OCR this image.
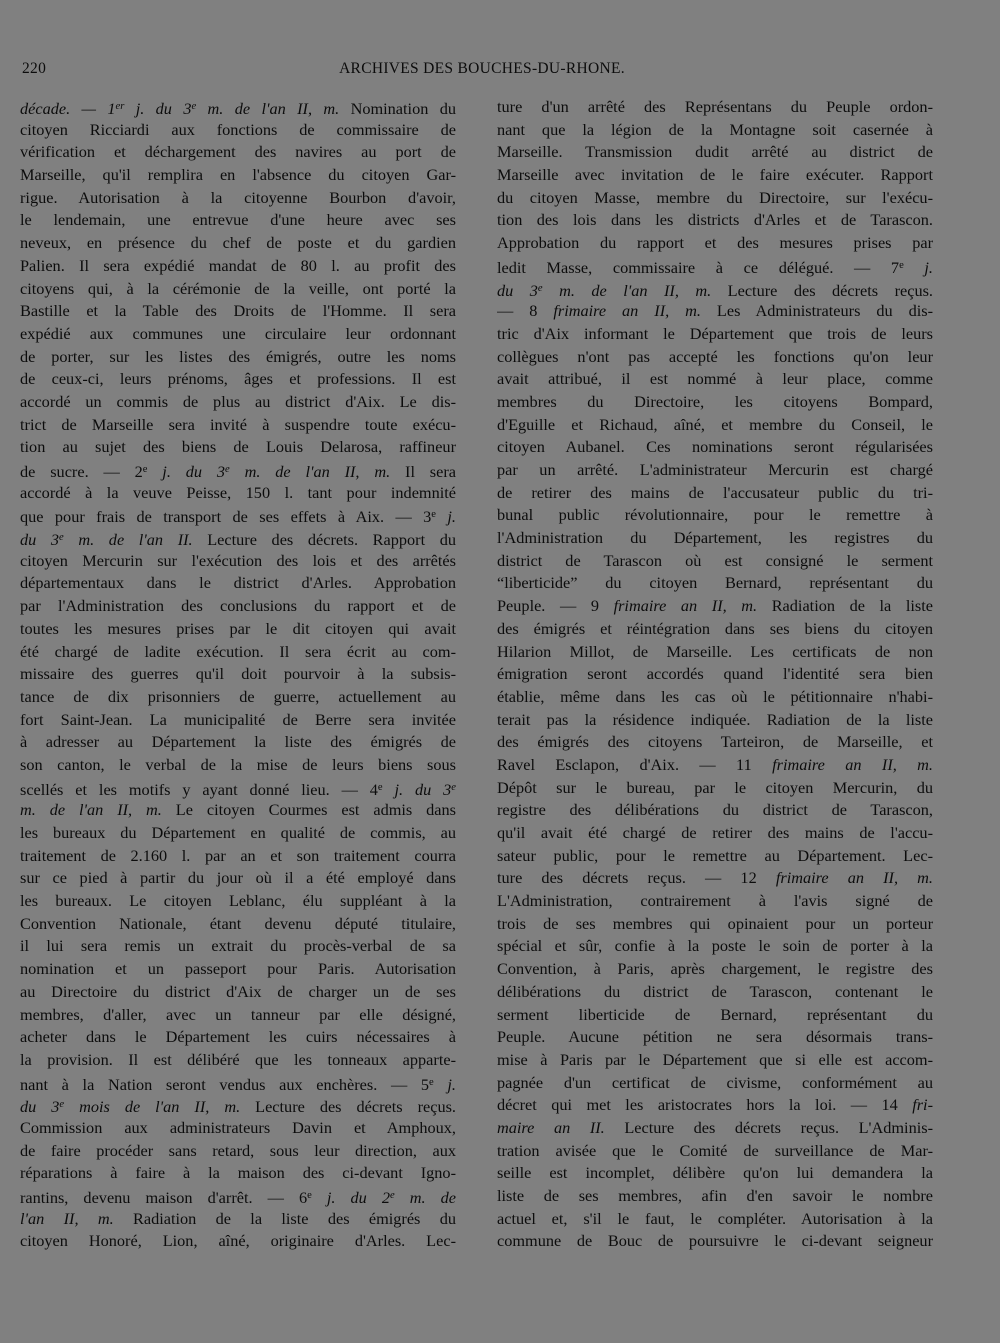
220	ARCHIVES DES BOUCHES-DU-RHONE.
décade. — 1er j. du 3e m. de l'an II, m. Nomination du
citoyen Ricciardi aux fonctions de commissaire de
vérification et déchargement des navires au port de
Marseille, qu'il remplira en l'absence du citoyen Gar-
rigue. Autorisation à la citoyenne Bourbon d'avoir,
le lendemain, une entrevue d'une heure avec ses
neveux, en présence du chef de poste et du gardien
Palien. Il sera expédié mandat de 80 l. au profit des
citoyens qui, à la cérémonie de la veille, ont porté la
Bastille et la Table des Droits de l'Homme. Il sera
expédié aux communes une circulaire leur ordonnant
de porter, sur les listes des émigrés, outre les noms
de ceux-ci, leurs prénoms, âges et professions. Il est
accordé un commis de plus au district d'Aix. Le dis-
trict de Marseille sera invité à suspendre toute exécu-
tion au sujet des biens de Louis Delarosa, raffineur
de sucre. — 2e j. du 3e m. de l'an II, m. Il sera
accordé à la veuve Peisse, 150 l. tant pour indemnité
que pour frais de transport de ses effets à Aix. — 3e j.
du 3e m. de l'an II. Lecture des décrets. Rapport du
citoyen Mercurin sur l'exécution des lois et des arrêtés
départementaux dans le district d'Arles. Approbation
par l'Administration des conclusions du rapport et de
toutes les mesures prises par le dit citoyen qui avait
été chargé de ladite exécution. Il sera écrit au com-
missaire des guerres qu'il doit pourvoir à la subsis-
tance de dix prisonniers de guerre, actuellement au
fort Saint-Jean. La municipalité de Berre sera invitée
à adresser au Département la liste des émigrés de
son canton, le verbal de la mise de leurs biens sous
scellés et les motifs y ayant donné lieu. — 4e j. du 3e
m. de l'an II, m. Le citoyen Courmes est admis dans
les bureaux du Département en qualité de commis, au
traitement de 2.160 l. par an et son traitement courra
sur ce pied à partir du jour où il a été employé dans
les bureaux. Le citoyen Leblanc, élu suppléant à la
Convention Nationale, étant devenu député titulaire,
il lui sera remis un extrait du procès-verbal de sa
nomination et un passeport pour Paris. Autorisation
au Directoire du district d'Aix de charger un de ses
membres, d'aller, avec un tanneur par elle désigné,
acheter dans le Département les cuirs nécessaires à
la provision. Il est délibéré que les tonneaux apparte-
nant à la Nation seront vendus aux enchères. — 5e j.
du 3e mois de l'an II, m. Lecture des décrets reçus.
Commission aux administrateurs Davin et Amphoux,
de faire procéder sans retard, sous leur direction, aux
réparations à faire à la maison des ci-devant Igno-
rantins, devenu maison d'arrêt. — 6e j. du 2e m. de
l'an II, m. Radiation de la liste des émigrés du
citoyen Honoré, Lion, aîné, originaire d'Arles. Lec-
ture d'un arrêté des Représentans du Peuple ordon-
nant que la légion de la Montagne soit casernée à
Marseille. Transmission dudit arrêté au district de
Marseille avec invitation de le faire exécuter. Rapport
du citoyen Masse, membre du Directoire, sur l'exécu-
tion des lois dans les districts d'Arles et de Tarascon.
Approbation du rapport et des mesures prises par
ledit Masse, commissaire à ce délégué. — 7e j.
du 3e m. de l'an II, m. Lecture des décrets reçus.
— 8 frimaire an II, m. Les Administrateurs du dis-
tric d'Aix informant le Département que trois de leurs
collègues n'ont pas accepté les fonctions qu'on leur
avait attribué, il est nommé à leur place, comme
membres du Directoire, les citoyens Bompard,
d'Eguille et Richaud, aîné, et membre du Conseil, le
citoyen Aubanel. Ces nominations seront régularisées
par un arrêté. L'administrateur Mercurin est chargé
de retirer des mains de l'accusateur public du tri-
bunal public révolutionnaire, pour le remettre à
l'Administration du Département, les registres du
district de Tarascon où est consigné le serment
“liberticide” du citoyen Bernard, représentant du
Peuple. — 9 frimaire an II, m. Radiation de la liste
des émigrés et réintégration dans ses biens du citoyen
Hilarion Millot, de Marseille. Les certificats de non
émigration seront accordés quand l'identité sera bien
établie, même dans les cas où le pétitionnaire n'habi-
terait pas la résidence indiquée. Radiation de la liste
des émigrés des citoyens Tarteiron, de Marseille, et
Ravel Esclapon, d'Aix. — 11 frimaire an II, m.
Dépôt sur le bureau, par le citoyen Mercurin, du
registre des délibérations du district de Tarascon,
qu'il avait été chargé de retirer des mains de l'accu-
sateur public, pour le remettre au Département. Lec-
ture des décrets reçus. — 12 frimaire an II, m.
L'Administration, contrairement à l'avis signé de
trois de ses membres qui opinaient pour un porteur
spécial et sûr, confie à la poste le soin de porter à la
Convention, à Paris, après chargement, le registre des
délibérations du district de Tarascon, contenant le
serment liberticide de Bernard, représentant du
Peuple. Aucune pétition ne sera désormais trans-
mise à Paris par le Département que si elle est accom-
pagnée d'un certificat de civisme, conformément au
décret qui met les aristocrates hors la loi. — 14 fri-
maire an II. Lecture des décrets reçus. L'Adminis-
tration avisée que le Comité de surveillance de Mar-
seille est incomplet, délibère qu'on lui demandera la
liste de ses membres, afin d'en savoir le nombre
actuel et, s'il le faut, le compléter. Autorisation à la
commune de Bouc de poursuivre le ci-devant seigneur
